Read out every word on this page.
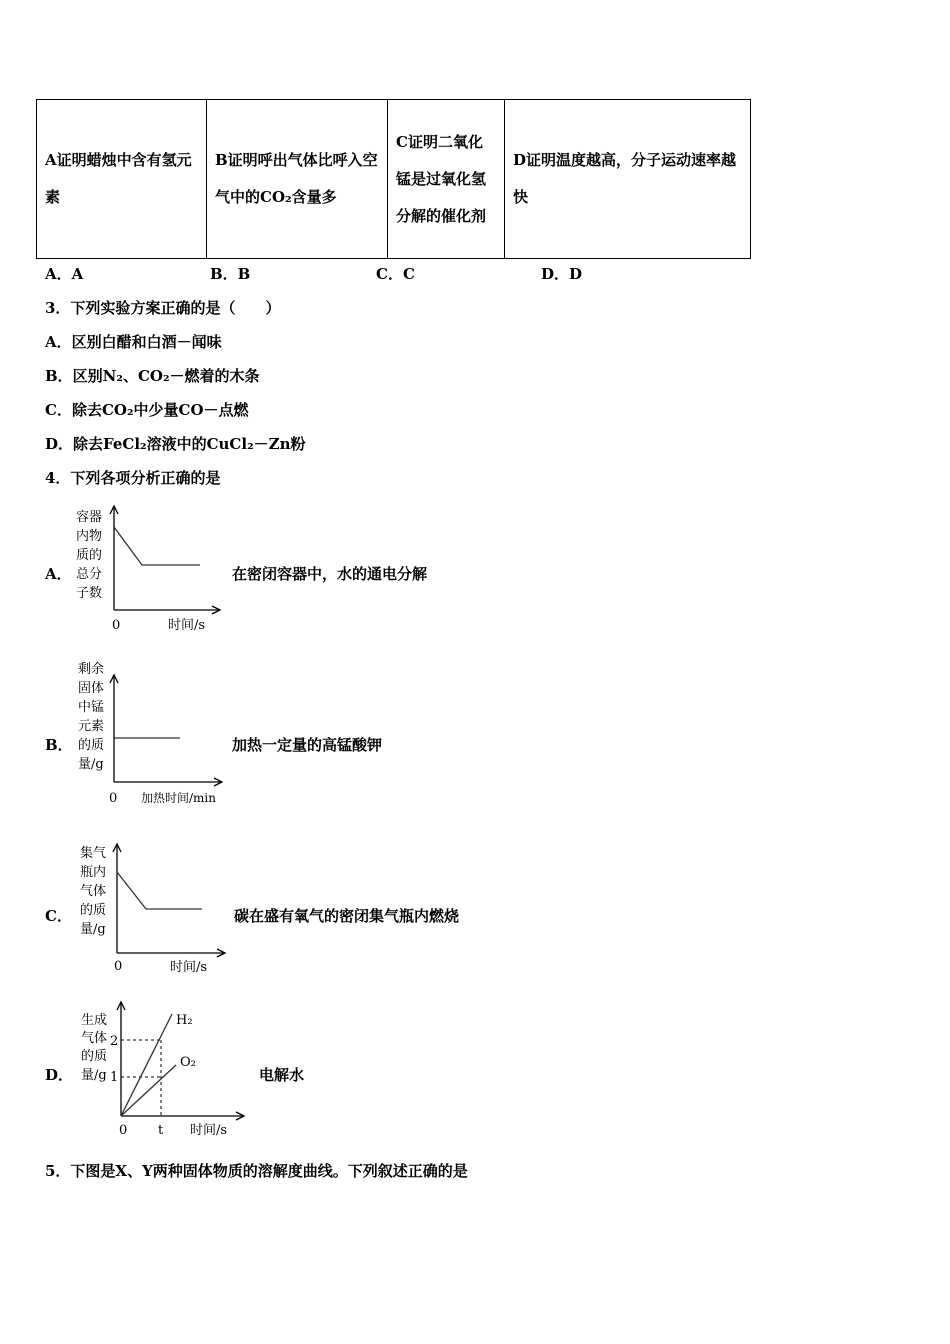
A证明蜡烛中含有氢元素	B证明呼出气体比呼入空气中的CO₂含量多	C证明二氧化锰是过氧化氢分解的催化剂	D证明温度越高，分子运动速率越快
A．A	B．B	C．C	D．D
3．下列实验方案正确的是（　　）
A．区别白醋和白酒－闻味
B．区别N₂、CO₂－燃着的木条
C．除去CO₂中少量CO－点燃
D．除去FeCl₂溶液中的CuCl₂－Zn粉
4．下列各项分析正确的是
A．
容器
内物
质的
总分
子数
0	时间/s
在密闭容器中，水的通电分解
B．
剩余
固体
中锰
元素
的质
量/g
0 加热时间/min
加热一定量的高锰酸钾
C．
集气
瓶内
气体
的质
量/g
0	时间/s
碳在盛有氧气的密闭集气瓶内燃烧
D．
生成
气体
的质
量/g
2
1
H₂
O₂
0 t 时间/s
电解水
5．下图是X、Y两种固体物质的溶解度曲线。下列叙述正确的是
